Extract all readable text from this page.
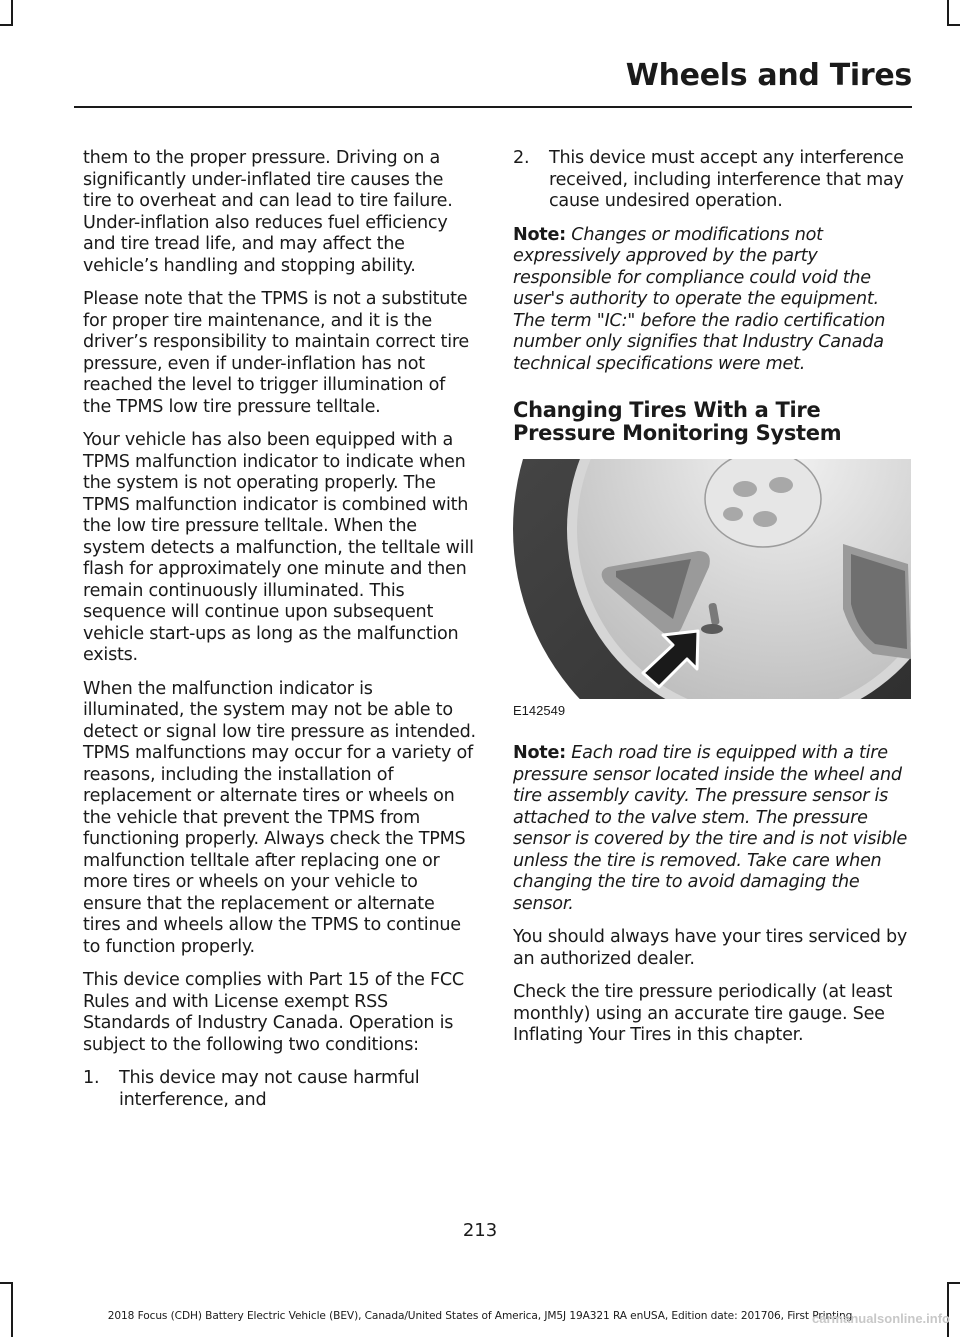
Wheels and Tires

them to the proper pressure. Driving on a significantly under-inflated tire causes the tire to overheat and can lead to tire failure. Under-inflation also reduces fuel efficiency and tire tread life, and may affect the vehicle’s handling and stopping ability.

Please note that the TPMS is not a substitute for proper tire maintenance, and it is the driver’s responsibility to maintain correct tire pressure, even if under-inflation has not reached the level to trigger illumination of the TPMS low tire pressure telltale.

Your vehicle has also been equipped with a TPMS malfunction indicator to indicate when the system is not operating properly. The TPMS malfunction indicator is combined with the low tire pressure telltale. When the system detects a malfunction, the telltale will flash for approximately one minute and then remain continuously illuminated. This sequence will continue upon subsequent vehicle start-ups as long as the malfunction exists.

When the malfunction indicator is illuminated, the system may not be able to detect or signal low tire pressure as intended. TPMS malfunctions may occur for a variety of reasons, including the installation of replacement or alternate tires or wheels on the vehicle that prevent the TPMS from functioning properly. Always check the TPMS malfunction telltale after replacing one or more tires or wheels on your vehicle to ensure that the replacement or alternate tires and wheels allow the TPMS to continue to function properly.

This device complies with Part 15 of the FCC Rules and with License exempt RSS Standards of Industry Canada. Operation is subject to the following two conditions:

1. This device may not cause harmful interference, and
2. This device must accept any interference received, including interference that may cause undesired operation.

Note: Changes or modifications not expressively approved by the party responsible for compliance could void the user's authority to operate the equipment. The term "IC:" before the radio certification number only signifies that Industry Canada technical specifications were met.

Changing Tires With a Tire Pressure Monitoring System
E142549

Note: Each road tire is equipped with a tire pressure sensor located inside the wheel and tire assembly cavity. The pressure sensor is attached to the valve stem. The pressure sensor is covered by the tire and is not visible unless the tire is removed. Take care when changing the tire to avoid damaging the sensor.

You should always have your tires serviced by an authorized dealer.

Check the tire pressure periodically (at least monthly) using an accurate tire gauge. See Inflating Your Tires in this chapter.

213
2018 Focus (CDH) Battery Electric Vehicle (BEV), Canada/United States of America, JM5J 19A321 RA enUSA, Edition date: 201706, First Printing
carmanualsonline.info
